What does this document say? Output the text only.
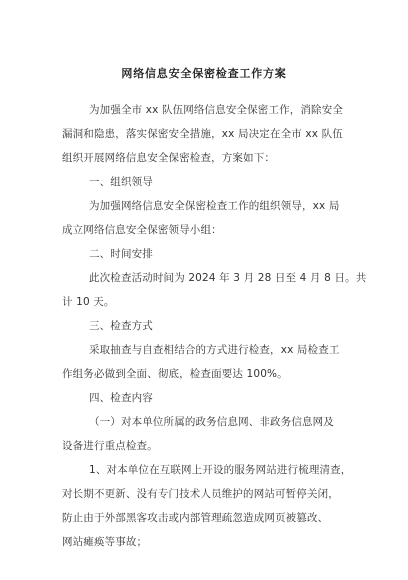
网络信息安全保密检查工作方案
为加强全市 xx 队伍网络信息安全保密工作，消除安全
漏洞和隐患，落实保密安全措施，xx 局决定在全市 xx 队伍
组织开展网络信息安全保密检查，方案如下：
一、组织领导
为加强网络信息安全保密检查工作的组织领导，xx 局
成立网络信息安全保密领导小组：
二、时间安排
此次检查活动时间为 2024 年 3 月 28 日至 4 月 8 日。共
计 10 天。
三、检查方式
采取抽查与自查相结合的方式进行检查，xx 局检查工
作组务必做到全面、彻底，检查面要达 100%。
四、检查内容
（一）对本单位所属的政务信息网、非政务信息网及
设备进行重点检查。
1、对本单位在互联网上开设的服务网站进行梳理清查，
对长期不更新、没有专门技术人员维护的网站可暂停关闭，
防止由于外部黑客攻击或内部管理疏忽造成网页被篡改、
网站瘫痪等事故；
